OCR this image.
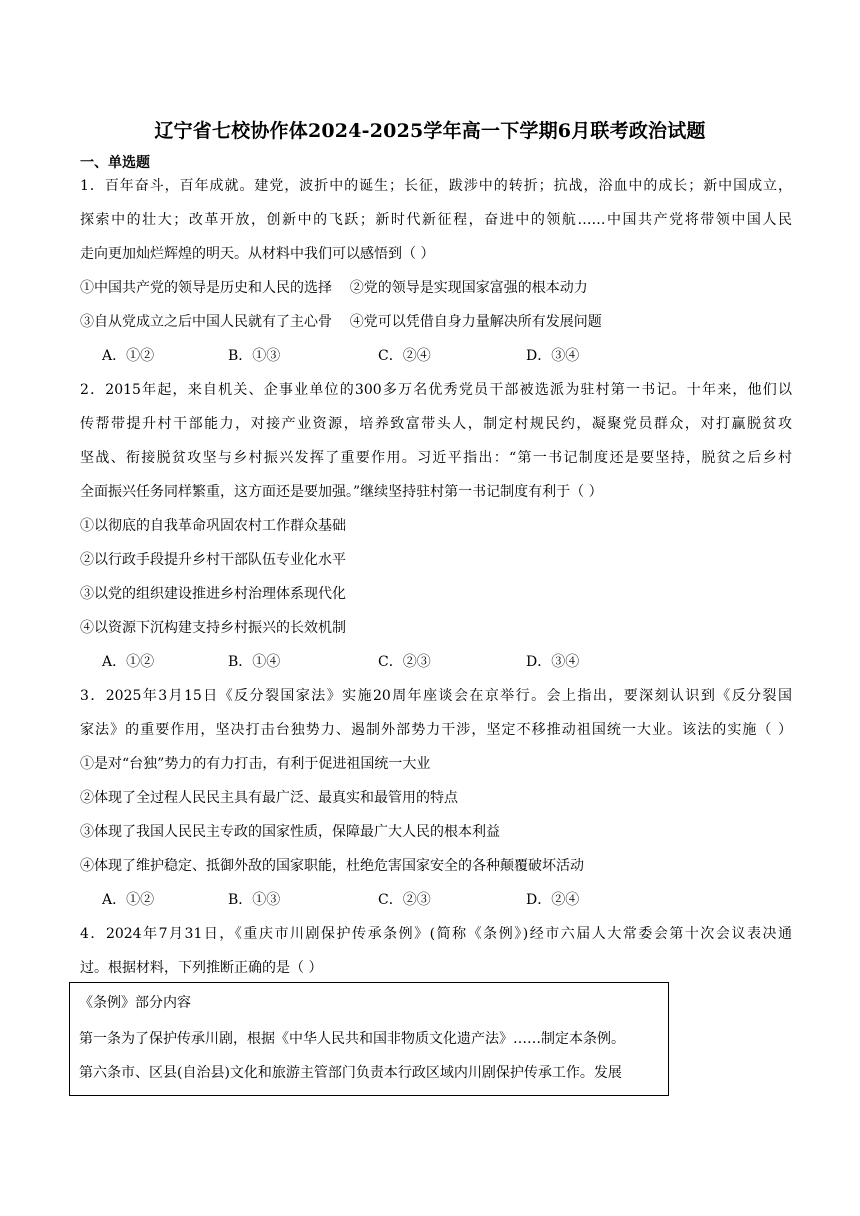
辽宁省七校协作体2024-2025学年高一下学期6月联考政治试题
一、单选题
1．百年奋斗，百年成就。建党，波折中的诞生；长征，跋涉中的转折；抗战，浴血中的成长；新中国成立，
探索中的壮大；改革开放，创新中的飞跃；新时代新征程，奋进中的领航……中国共产党将带领中国人民
走向更加灿烂辉煌的明天。从材料中我们可以感悟到（ ）
①中国共产党的领导是历史和人民的选择    ②党的领导是实现国家富强的根本动力
③自从党成立之后中国人民就有了主心骨    ④党可以凭借自身力量解决所有发展问题
A．①②	B．①③	C．②④	D．③④
2．2015年起，来自机关、企事业单位的300多万名优秀党员干部被选派为驻村第一书记。十年来，他们以
传帮带提升村干部能力，对接产业资源，培养致富带头人，制定村规民约，凝聚党员群众，对打赢脱贫攻
坚战、衔接脱贫攻坚与乡村振兴发挥了重要作用。习近平指出：“第一书记制度还是要坚持，脱贫之后乡村
全面振兴任务同样繁重，这方面还是要加强。”继续坚持驻村第一书记制度有利于（ ）
①以彻底的自我革命巩固农村工作群众基础
②以行政手段提升乡村干部队伍专业化水平
③以党的组织建设推进乡村治理体系现代化
④以资源下沉构建支持乡村振兴的长效机制
A．①②	B．①④	C．②③	D．③④
3．2025年3月15日《反分裂国家法》实施20周年座谈会在京举行。会上指出，要深刻认识到《反分裂国
家法》的重要作用，坚决打击台独势力、遏制外部势力干涉，坚定不移推动祖国统一大业。该法的实施（ ）
①是对“台独”势力的有力打击，有利于促进祖国统一大业
②体现了全过程人民民主具有最广泛、最真实和最管用的特点
③体现了我国人民民主专政的国家性质，保障最广大人民的根本利益
④体现了维护稳定、抵御外敌的国家职能，杜绝危害国家安全的各种颠覆破坏活动
A．①②	B．①③	C．②③	D．②④
4．2024年7月31日，《重庆市川剧保护传承条例》(简称《条例》)经市六届人大常委会第十次会议表决通
过。根据材料，下列推断正确的是（ ）
《条例》部分内容
第一条为了保护传承川剧，根据《中华人民共和国非物质文化遗产法》……制定本条例。
第六条市、区县(自治县)文化和旅游主管部门负责本行政区域内川剧保护传承工作。发展
